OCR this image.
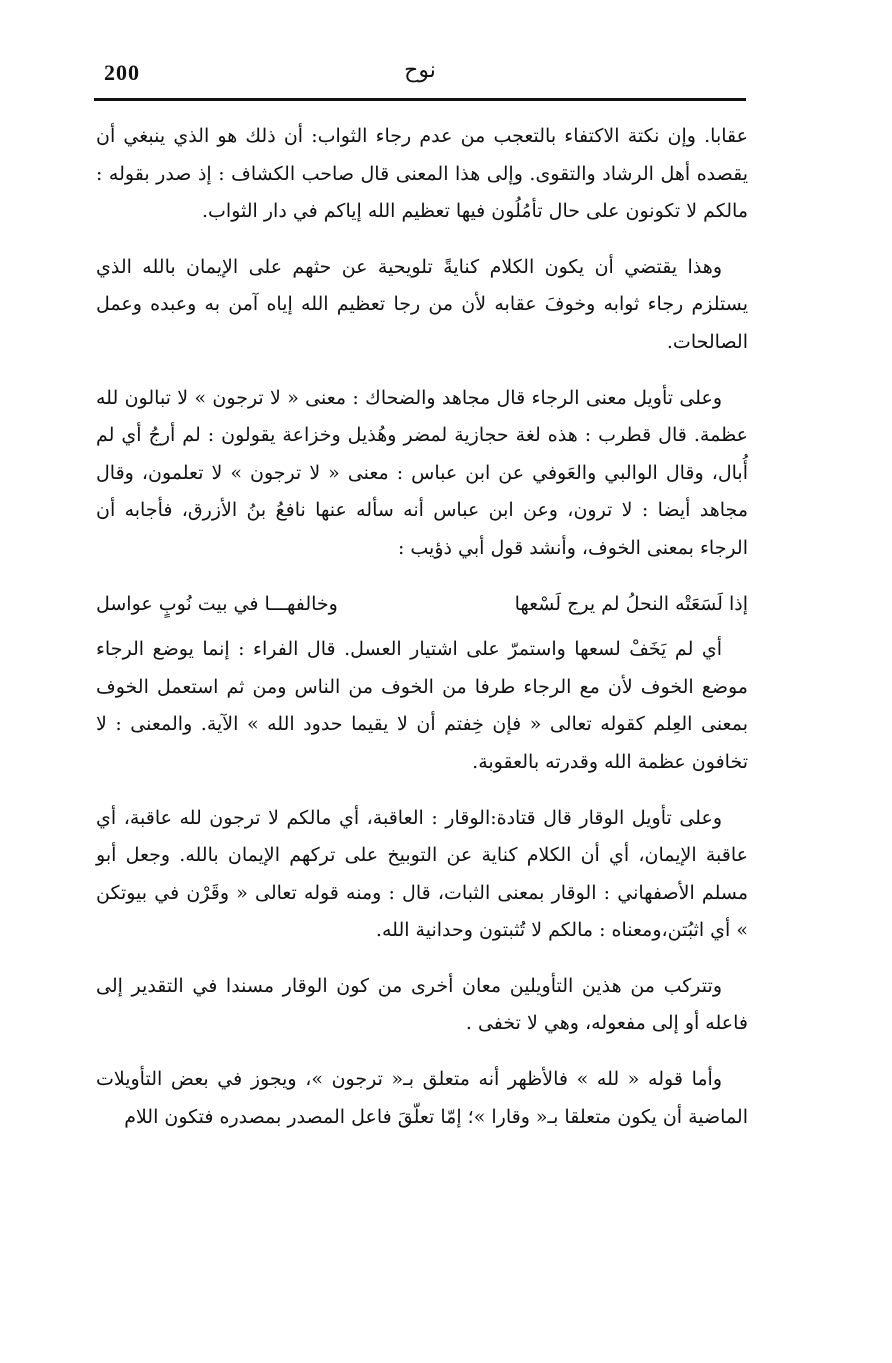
200	نوح

عقابا. وإن نكتة الاكتفاء بالتعجب من عدم رجاء الثواب: أن ذلك هو الذي ينبغي أن يقصده أهل الرشاد والتقوى. وإلى هذا المعنى قال صاحب الكشاف : إذ صدر بقوله : مالكم لا تكونون على حال تأمُلُون فيها تعظيم الله إياكم في دار الثواب.

وهذا يقتضي أن يكون الكلام كنايةً تلويحية عن حثهم على الإيمان بالله الذي يستلزم رجاء ثوابه وخوفَ عقابه لأن من رجا تعظيم الله إياه آمن به وعبده وعمل الصالحات.

وعلى تأويل معنى الرجاء قال مجاهد والضحاك : معنى « لا ترجون » لا تبالون لله عظمة. قال قطرب : هذه لغة حجازية لمضر وهُذيل وخزاعة يقولون : لم أرجُ أي لم أُبال، وقال الوالبي والعَوفي عن ابن عباس : معنى « لا ترجون » لا تعلمون، وقال مجاهد أيضا : لا ترون، وعن ابن عباس أنه سأله عنها نافعُ بنُ الأزرق، فأجابه أن الرجاء بمعنى الخوف، وأنشد قول أبي ذؤيب :

إذا لَسَعَتْه النحلُ لم يرج لَسْعها
وخالفهـــا في بيت نُوبٍ عواسل

أي لم يَخَفْ لسعها واستمرّ على اشتيار العسل. قال الفراء : إنما يوضع الرجاء موضع الخوف لأن مع الرجاء طرفا من الخوف من الناس ومن ثم استعمل الخوف بمعنى العِلم كقوله تعالى « فإن خِفتم أن لا يقيما حدود الله » الآية. والمعنى : لا تخافون عظمة الله وقدرته بالعقوبة.

وعلى تأويل الوقار قال قتادة:الوقار : العاقبة، أي مالكم لا ترجون لله عاقبة، أي عاقبة الإيمان، أي أن الكلام كناية عن التوبيخ على تركهم الإيمان بالله. وجعل أبو مسلم الأصفهاني : الوقار بمعنى الثبات، قال : ومنه قوله تعالى « وقَرْن في بيوتكن » أي اثبُتن،ومعناه : مالكم لا تُثبتون وحدانية الله.

وتتركب من هذين التأويلين معان أخرى من كون الوقار مسندا في التقدير إلى فاعله أو إلى مفعوله، وهي لا تخفى .

وأما قوله « لله » فالأظهر أنه متعلق بـ« ترجون »، ويجوز في بعض التأويلات الماضية أن يكون متعلقا بـ« وقارا »؛ إمّا تعلّقَ فاعل المصدر بمصدره فتكون اللام
